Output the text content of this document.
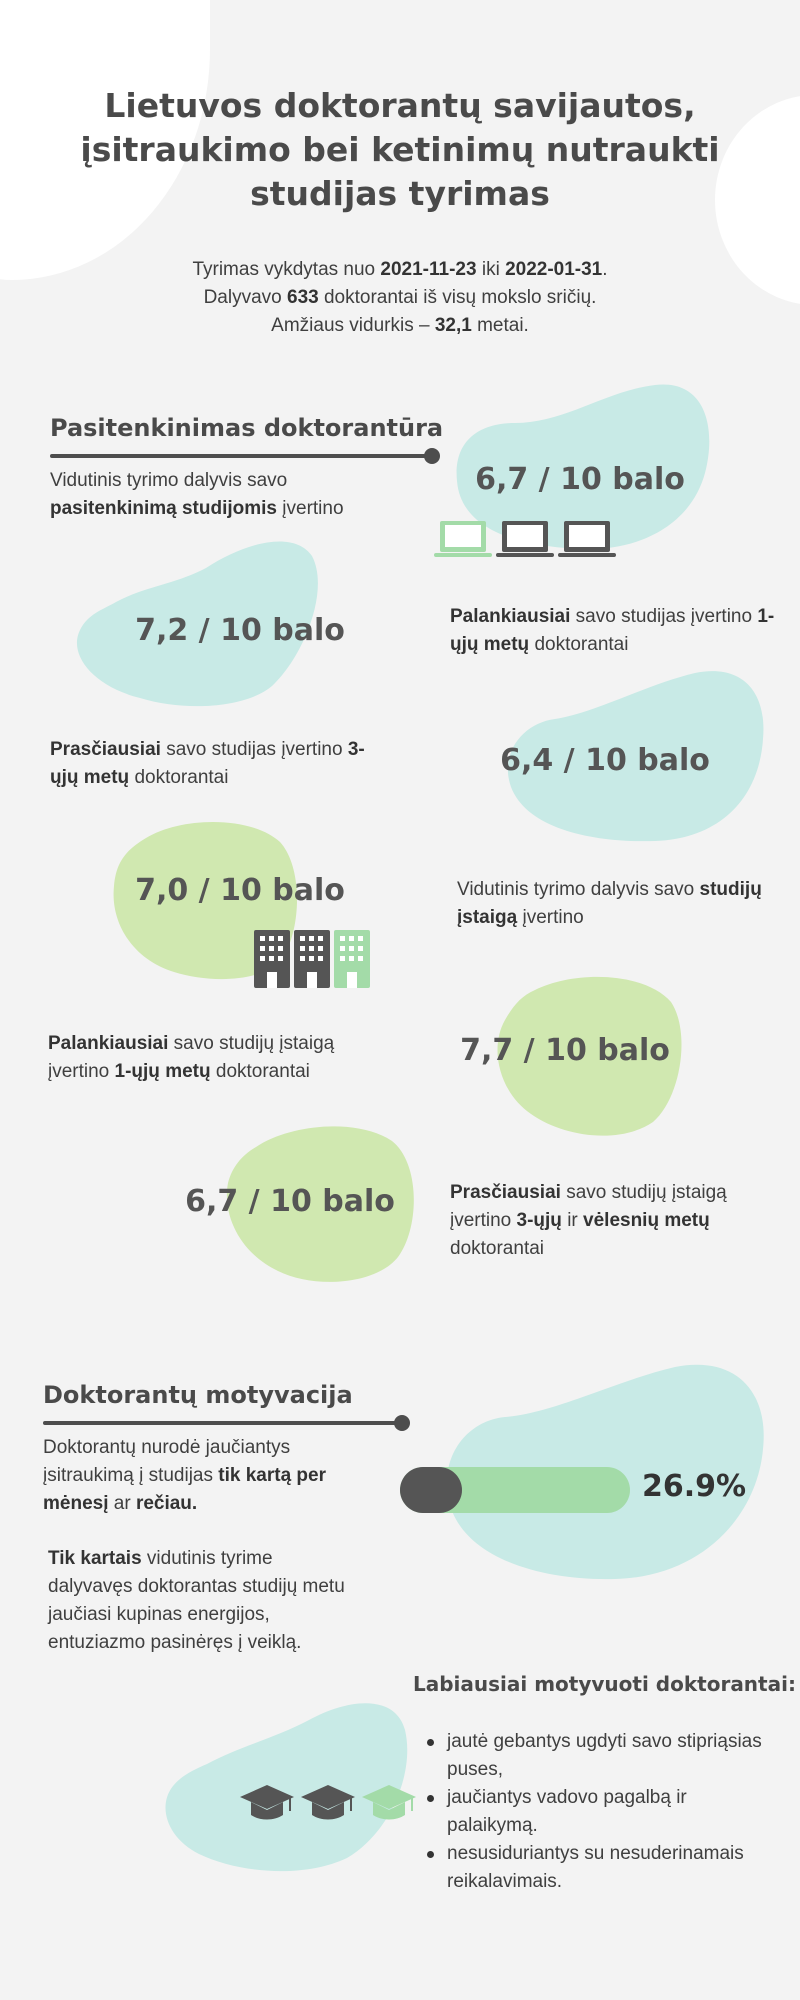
Lietuvos doktorantų savijautos, įsitraukimo bei ketinimų nutraukti studijas tyrimas
Tyrimas vykdytas nuo 2021-11-23 iki 2022-01-31.
Dalyvavo 633 doktorantai iš visų mokslo sričių.
Amžiaus vidurkis – 32,1 metai.
Pasitenkinimas doktorantūra

Vidutinis tyrimo dalyvis savo pasitenkinimą studijomis įvertino

6,7 / 10 balo
7,2 / 10 balo	Palankiausiai savo studijas įvertino 1-ųjų metų doktorantai

Prasčiausiai savo studijas įvertino 3-ųjų metų doktorantai	6,4 / 10 balo
7,0 / 10 balo	Vidutinis tyrimo dalyvis savo studijų įstaigą įvertino

Palankiausiai savo studijų įstaigą įvertino 1-ųjų metų doktorantai

7,7 / 10 balo
6,7 / 10 balo	Prasčiausiai savo studijų įstaigą įvertino 3-ųjų ir vėlesnių metų doktorantai

Doktorantų motyvacija

Doktorantų nurodė jaučiantys įsitraukimą į studijas tik kartą per mėnesį ar rečiau.	26.9%

Tik kartais vidutinis tyrime dalyvavęs doktorantas studijų metu jaučiasi kupinas energijos, entuziazmo pasinėręs į veiklą.

Labiausiai motyvuoti doktorantai:
jautė gebantys ugdyti savo stipriąsias puses,
jaučiantys vadovo pagalbą ir palaikymą.
nesusiduriantys su nesuderinamais reikalavimais.
